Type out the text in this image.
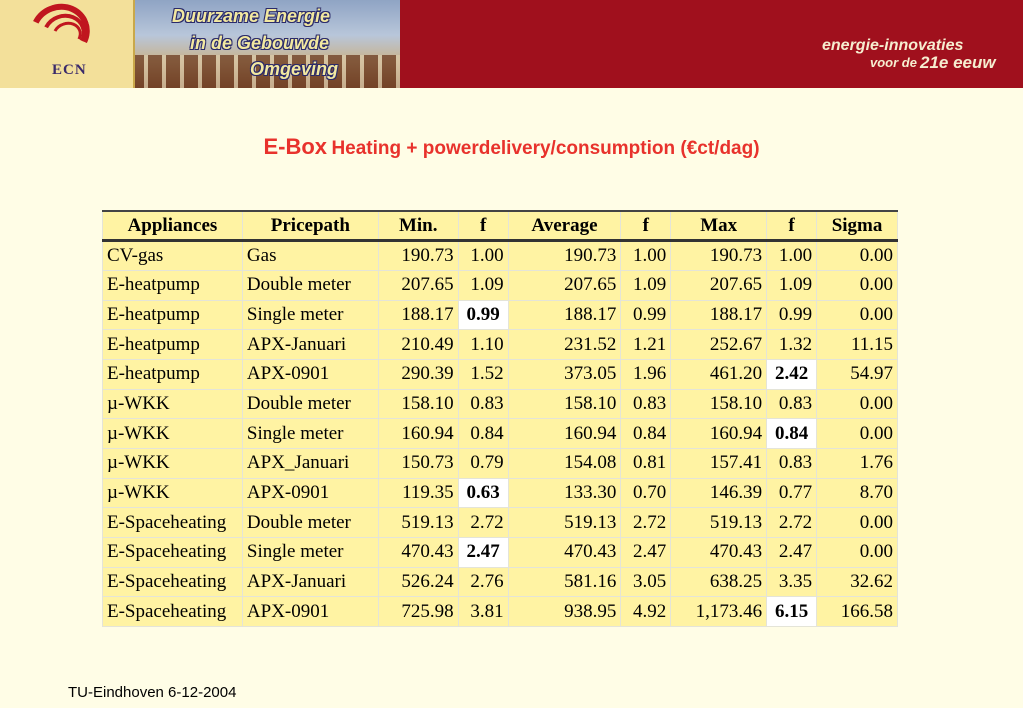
ECN
Duurzame Energie
in de Gebouwde
Omgeving
energie-innovaties
voor de 21e eeuw
E-Box Heating + powerdelivery/consumption (€ct/dag)
Appliances	Pricepath	Min.	f	Average	f	Max	f	Sigma
CV-gas	Gas	190.73	1.00	190.73	1.00	190.73	1.00	0.00
E-heatpump	Double meter	207.65	1.09	207.65	1.09	207.65	1.09	0.00
E-heatpump	Single meter	188.17	0.99	188.17	0.99	188.17	0.99	0.00
E-heatpump	APX-Januari	210.49	1.10	231.52	1.21	252.67	1.32	11.15
E-heatpump	APX-0901	290.39	1.52	373.05	1.96	461.20	2.42	54.97
µ-WKK	Double meter	158.10	0.83	158.10	0.83	158.10	0.83	0.00
µ-WKK	Single meter	160.94	0.84	160.94	0.84	160.94	0.84	0.00
µ-WKK	APX_Januari	150.73	0.79	154.08	0.81	157.41	0.83	1.76
µ-WKK	APX-0901	119.35	0.63	133.30	0.70	146.39	0.77	8.70
E-Spaceheating	Double meter	519.13	2.72	519.13	2.72	519.13	2.72	0.00
E-Spaceheating	Single meter	470.43	2.47	470.43	2.47	470.43	2.47	0.00
E-Spaceheating	APX-Januari	526.24	2.76	581.16	3.05	638.25	3.35	32.62
E-Spaceheating	APX-0901	725.98	3.81	938.95	4.92	1,173.46	6.15	166.58
TU-Eindhoven 6-12-2004
